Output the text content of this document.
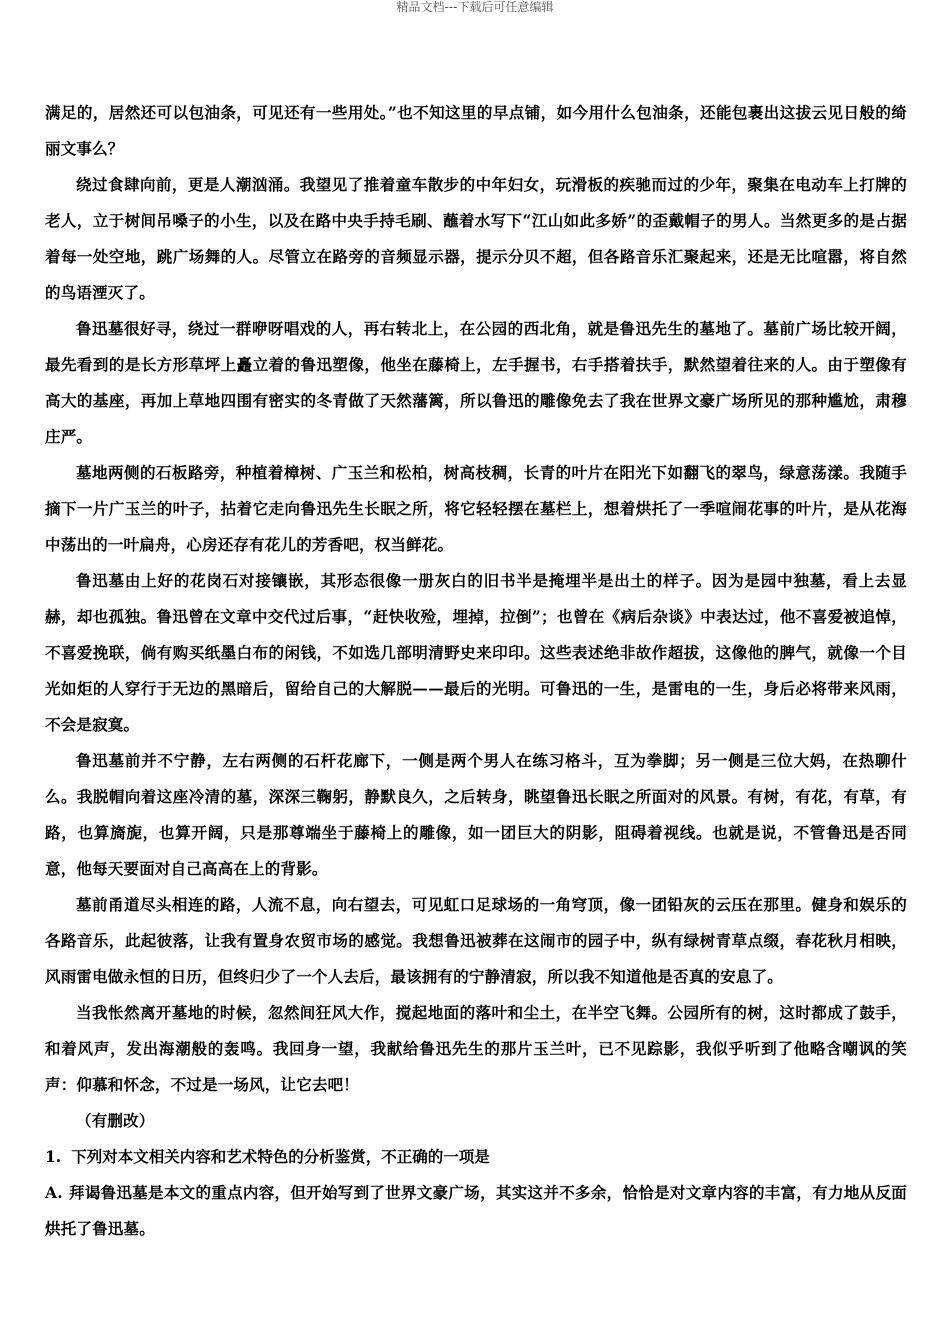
精品文档---下载后可任意编辑

满足的，居然还可以包油条，可见还有一些用处。”也不知这里的早点铺，如今用什么包油条，还能包裹出这拔云见日般的绮丽文事么？

绕过食肆向前，更是人潮汹涌。我望见了推着童车散步的中年妇女，玩滑板的疾驰而过的少年，聚集在电动车上打牌的老人，立于树间吊嗓子的小生，以及在路中央手持毛刷、蘸着水写下“江山如此多娇”的歪戴帽子的男人。当然更多的是占据着每一处空地，跳广场舞的人。尽管立在路旁的音频显示器，提示分贝不超，但各路音乐汇聚起来，还是无比喧嚣，将自然的鸟语湮灭了。

鲁迅墓很好寻，绕过一群咿呀唱戏的人，再右转北上，在公园的西北角，就是鲁迅先生的墓地了。墓前广场比较开阔，最先看到的是长方形草坪上矗立着的鲁迅塑像，他坐在藤椅上，左手握书，右手搭着扶手，默然望着往来的人。由于塑像有高大的基座，再加上草地四围有密实的冬青做了天然藩篱，所以鲁迅的雕像免去了我在世界文豪广场所见的那种尴尬，肃穆庄严。

墓地两侧的石板路旁，种植着樟树、广玉兰和松柏，树高枝稠，长青的叶片在阳光下如翻飞的翠鸟，绿意荡漾。我随手摘下一片广玉兰的叶子，拈着它走向鲁迅先生长眠之所，将它轻轻摆在墓栏上，想着烘托了一季喧闹花事的叶片，是从花海中荡出的一叶扁舟，心房还存有花儿的芳香吧，权当鲜花。

鲁迅墓由上好的花岗石对接镶嵌，其形态很像一册灰白的旧书半是掩埋半是出土的样子。因为是园中独墓，看上去显赫，却也孤独。鲁迅曾在文章中交代过后事，“赶快收殓，埋掉，拉倒”；也曾在《病后杂谈》中表达过，他不喜爱被追悼，不喜爱挽联，倘有购买纸墨白布的闲钱，不如选几部明清野史来印印。这些表述绝非故作超拔，这像他的脾气，就像一个目光如炬的人穿行于无边的黑暗后，留给自己的大解脱——最后的光明。可鲁迅的一生，是雷电的一生，身后必将带来风雨，不会是寂寞。

鲁迅墓前并不宁静，左右两侧的石杆花廊下，一侧是两个男人在练习格斗，互为拳脚；另一侧是三位大妈，在热聊什么。我脱帽向着这座冷清的墓，深深三鞠躬，静默良久，之后转身，眺望鲁迅长眠之所面对的风景。有树，有花，有草，有路，也算旖旎，也算开阔，只是那尊端坐于藤椅上的雕像，如一团巨大的阴影，阻碍着视线。也就是说，不管鲁迅是否同意，他每天要面对自己高高在上的背影。

墓前甬道尽头相连的路，人流不息，向右望去，可见虹口足球场的一角穹顶，像一团铅灰的云压在那里。健身和娱乐的各路音乐，此起彼落，让我有置身农贸市场的感觉。我想鲁迅被葬在这闹市的园子中，纵有绿树青草点缀，春花秋月相映，风雨雷电做永恒的日历，但终归少了一个人去后，最该拥有的宁静清寂，所以我不知道他是否真的安息了。

当我怅然离开墓地的时候，忽然间狂风大作，搅起地面的落叶和尘土，在半空飞舞。公园所有的树，这时都成了鼓手，和着风声，发出海潮般的轰鸣。我回身一望，我献给鲁迅先生的那片玉兰叶，已不见踪影，我似乎听到了他略含嘲讽的笑声：仰慕和怀念，不过是一场风，让它去吧！

（有删改）

1. 下列对本文相关内容和艺术特色的分析鉴赏，不正确的一项是

A. 拜谒鲁迅墓是本文的重点内容，但开始写到了世界文豪广场，其实这并不多余，恰恰是对文章内容的丰富，有力地从反面烘托了鲁迅墓。
